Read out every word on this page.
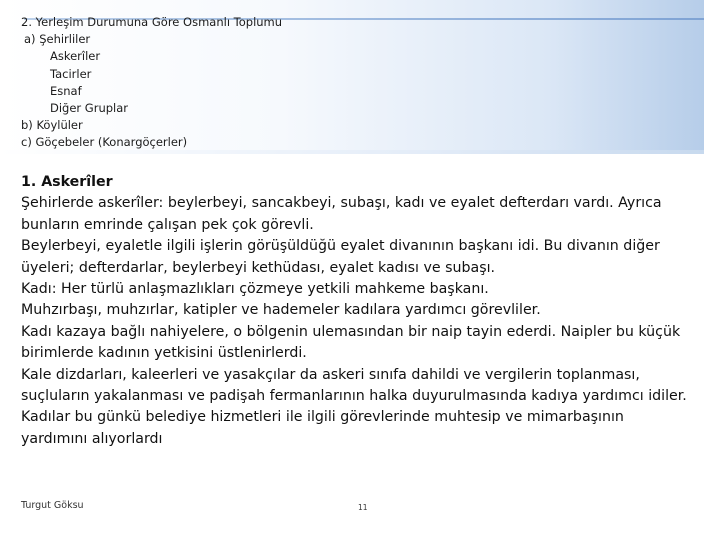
2. Yerleşim Durumuna Göre Osmanlı Toplumu
a) Şehirliler
Askerîler
Tacirler
Esnaf
Diğer Gruplar
b) Köylüler
c) Göçebeler (Konargöçerler)

1. Askerîler

Şehirlerde askerîler: beylerbeyi, sancakbeyi, subaşı, kadı ve eyalet defterdarı vardı. Ayrıca bunların emrinde çalışan pek çok görevli.

Beylerbeyi, eyaletle ilgili işlerin görüşüldüğü eyalet divanının başkanı idi. Bu divanın diğer üyeleri; defterdarlar, beylerbeyi kethüdası, eyalet kadısı ve subaşı.

Kadı: Her türlü anlaşmazlıkları çözmeye yetkili mahkeme başkanı.

Muhzırbaşı, muhzırlar, katipler ve hademeler kadılara yardımcı görevliler.

Kadı kazaya bağlı nahiyelere, o bölgenin ulemasından bir naip tayin ederdi. Naipler bu küçük birimlerde kadının yetkisini üstlenirlerdi.

Kale dizdarları, kaleerleri ve yasakçılar da askeri sınıfa dahildi ve vergilerin toplanması, suçluların yakalanması ve padişah fermanlarının halka duyurulmasında kadıya yardımcı idiler.

Kadılar bu günkü belediye hizmetleri ile ilgili görevlerinde muhtesip ve mimarbaşının yardımını alıyorlardı

Turgut Göksu	11
